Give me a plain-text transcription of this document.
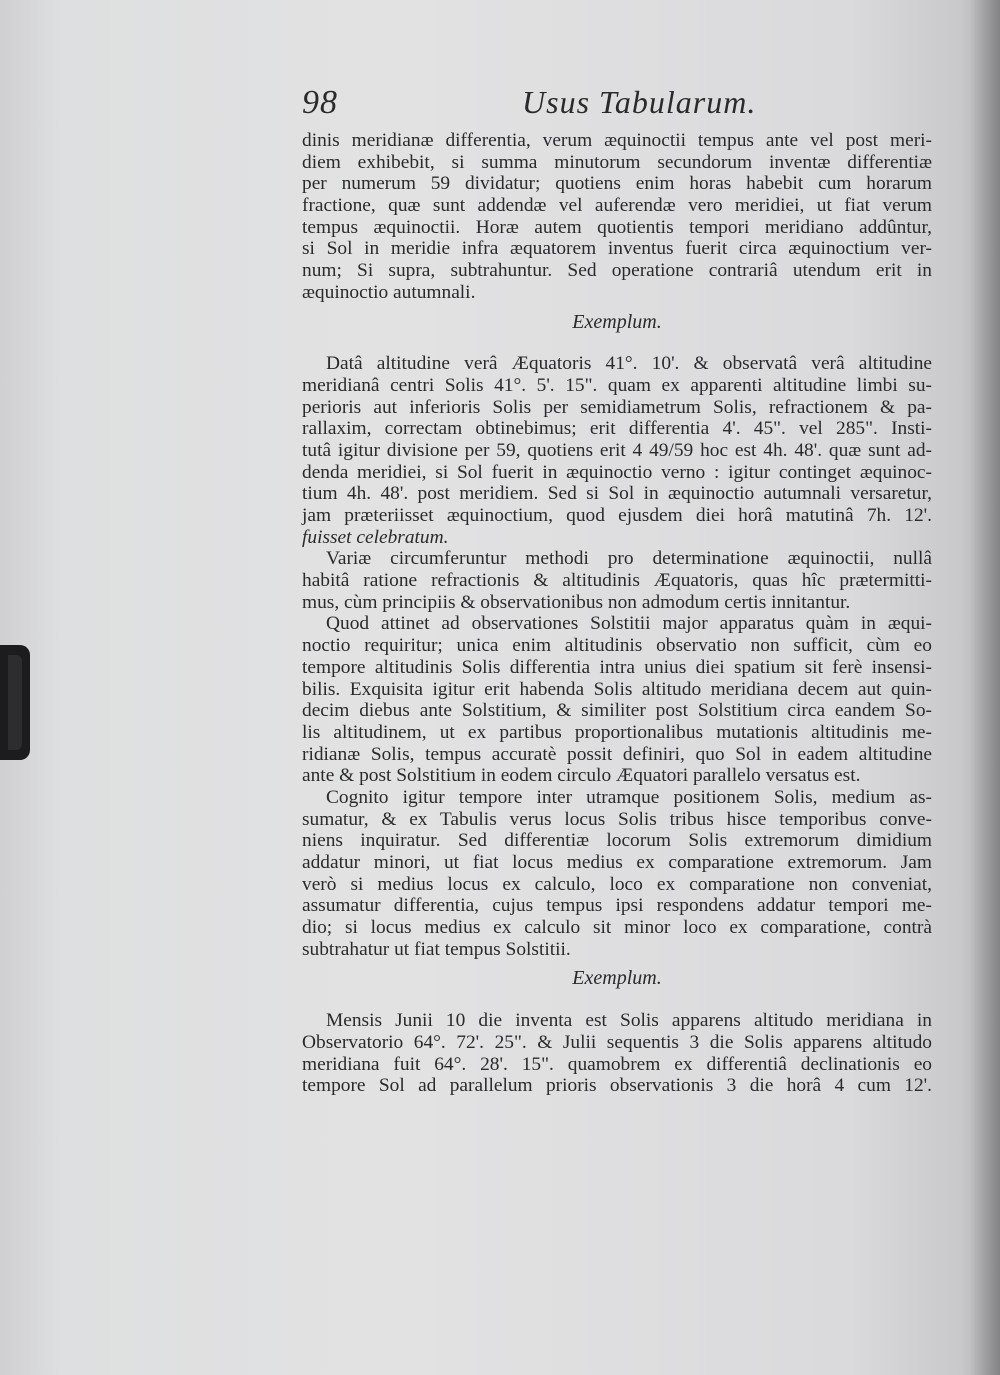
98	Usus Tabularum.
dinis meridianæ differentia, verum æquinoctii tempus ante vel post meri-
diem exhibebit, si summa minutorum secundorum inventæ differentiæ
per numerum 59 dividatur; quotiens enim horas habebit cum horarum
fractione, quæ sunt addendæ vel auferendæ vero meridiei, ut fiat verum
tempus æquinoctii. Horæ autem quotientis tempori meridiano addûntur,
si Sol in meridie infra æquatorem inventus fuerit circa æquinoctium ver-
num; Si supra, subtrahuntur. Sed operatione contrariâ utendum erit in
æquinoctio autumnali.
Exemplum.
Datâ altitudine verâ Æquatoris 41°. 10'. & observatâ verâ altitudine
meridianâ centri Solis 41°. 5'. 15". quam ex apparenti altitudine limbi su-
perioris aut inferioris Solis per semidiametrum Solis, refractionem & pa-
rallaxim, correctam obtinebimus; erit differentia 4'. 45". vel 285". Insti-
tutâ igitur divisione per 59, quotiens erit 4 49/59 hoc est 4h. 48'. quæ sunt ad-
denda meridiei, si Sol fuerit in æquinoctio verno : igitur continget æquinoc-
tium 4h. 48'. post meridiem. Sed si Sol in æquinoctio autumnali versaretur,
jam præteriisset æquinoctium, quod ejusdem diei horâ matutinâ 7h. 12'.
fuisset celebratum.
Variæ circumferuntur methodi pro determinatione æquinoctii, nullâ
habitâ ratione refractionis & altitudinis Æquatoris, quas hîc prætermitti-
mus, cùm principiis & observationibus non admodum certis innitantur.
Quod attinet ad observationes Solstitii major apparatus quàm in æqui-
noctio requiritur; unica enim altitudinis observatio non sufficit, cùm eo
tempore altitudinis Solis differentia intra unius diei spatium sit ferè insensi-
bilis. Exquisita igitur erit habenda Solis altitudo meridiana decem aut quin-
decim diebus ante Solstitium, & similiter post Solstitium circa eandem So-
lis altitudinem, ut ex partibus proportionalibus mutationis altitudinis me-
ridianæ Solis, tempus accuratè possit definiri, quo Sol in eadem altitudine
ante & post Solstitium in eodem circulo Æquatori parallelo versatus est.
Cognito igitur tempore inter utramque positionem Solis, medium as-
sumatur, & ex Tabulis verus locus Solis tribus hisce temporibus conve-
niens inquiratur. Sed differentiæ locorum Solis extremorum dimidium
addatur minori, ut fiat locus medius ex comparatione extremorum. Jam
verò si medius locus ex calculo, loco ex comparatione non conveniat,
assumatur differentia, cujus tempus ipsi respondens addatur tempori me-
dio; si locus medius ex calculo sit minor loco ex comparatione, contrà
subtrahatur ut fiat tempus Solstitii.
Exemplum.
Mensis Junii 10 die inventa est Solis apparens altitudo meridiana in
Observatorio 64°. 72'. 25". & Julii sequentis 3 die Solis apparens altitudo
meridiana fuit 64°. 28'. 15". quamobrem ex differentiâ declinationis eo
tempore Sol ad parallelum prioris observationis 3 die horâ 4 cum 12'.
